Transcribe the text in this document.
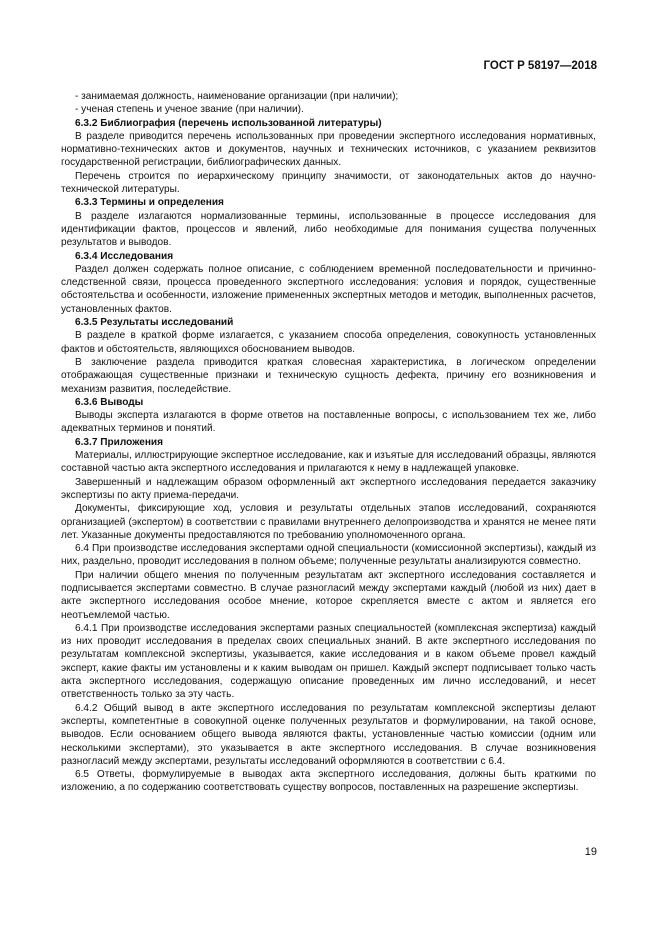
ГОСТ Р 58197—2018

- занимаемая должность, наименование организации (при наличии);

- ученая степень и ученое звание (при наличии).

6.3.2 Библиография (перечень использованной литературы)

В разделе приводится перечень использованных при проведении экспертного исследования нормативных, нормативно-технических актов и документов, научных и технических источников, с указанием реквизитов государственной регистрации, библиографических данных.

Перечень строится по иерархическому принципу значимости, от законодательных актов до научно-технической литературы.

6.3.3 Термины и определения

В разделе излагаются нормализованные термины, использованные в процессе исследования для идентификации фактов, процессов и явлений, либо необходимые для понимания существа полученных результатов и выводов.

6.3.4 Исследования

Раздел должен содержать полное описание, с соблюдением временной последовательности и причинно-следственной связи, процесса проведенного экспертного исследования: условия и порядок, существенные обстоятельства и особенности, изложение примененных экспертных методов и методик, выполненных расчетов, установленных фактов.

6.3.5 Результаты исследований

В разделе в краткой форме излагается, с указанием способа определения, совокупность установленных фактов и обстоятельств, являющихся обоснованием выводов.

В заключение раздела приводится краткая словесная характеристика, в логическом определении отображающая существенные признаки и техническую сущность дефекта, причину его возникновения и механизм развития, последействие.

6.3.6 Выводы

Выводы эксперта излагаются в форме ответов на поставленные вопросы, с использованием тех же, либо адекватных терминов и понятий.

6.3.7 Приложения

Материалы, иллюстрирующие экспертное исследование, как и изъятые для исследований образцы, являются составной частью акта экспертного исследования и прилагаются к нему в надлежащей упаковке.

Завершенный и надлежащим образом оформленный акт экспертного исследования передается заказчику экспертизы по акту приема-передачи.

Документы, фиксирующие ход, условия и результаты отдельных этапов исследований, сохраняются организацией (экспертом) в соответствии с правилами внутреннего делопроизводства и хранятся не менее пяти лет. Указанные документы предоставляются по требованию уполномоченного органа.

6.4 При производстве исследования экспертами одной специальности (комиссионной экспертизы), каждый из них, раздельно, проводит исследования в полном объеме; полученные результаты анализируются совместно.

При наличии общего мнения по полученным результатам акт экспертного исследования составляется и подписывается экспертами совместно. В случае разногласий между экспертами каждый (любой из них) дает в акте экспертного исследования особое мнение, которое скрепляется вместе с актом и является его неотъемлемой частью.

6.4.1 При производстве исследования экспертами разных специальностей (комплексная экспертиза) каждый из них проводит исследования в пределах своих специальных знаний. В акте экспертного исследования по результатам комплексной экспертизы, указывается, какие исследования и в каком объеме провел каждый эксперт, какие факты им установлены и к каким выводам он пришел. Каждый эксперт подписывает только часть акта экспертного исследования, содержащую описание проведенных им лично исследований, и несет ответственность только за эту часть.

6.4.2 Общий вывод в акте экспертного исследования по результатам комплексной экспертизы делают эксперты, компетентные в совокупной оценке полученных результатов и формулировании, на такой основе, выводов. Если основанием общего вывода являются факты, установленные частью комиссии (одним или несколькими экспертами), это указывается в акте экспертного исследования. В случае возникновения разногласий между экспертами, результаты исследований оформляются в соответствии с 6.4.

6.5 Ответы, формулируемые в выводах акта экспертного исследования, должны быть краткими по изложению, а по содержанию соответствовать существу вопросов, поставленных на разрешение экспертизы.

19
